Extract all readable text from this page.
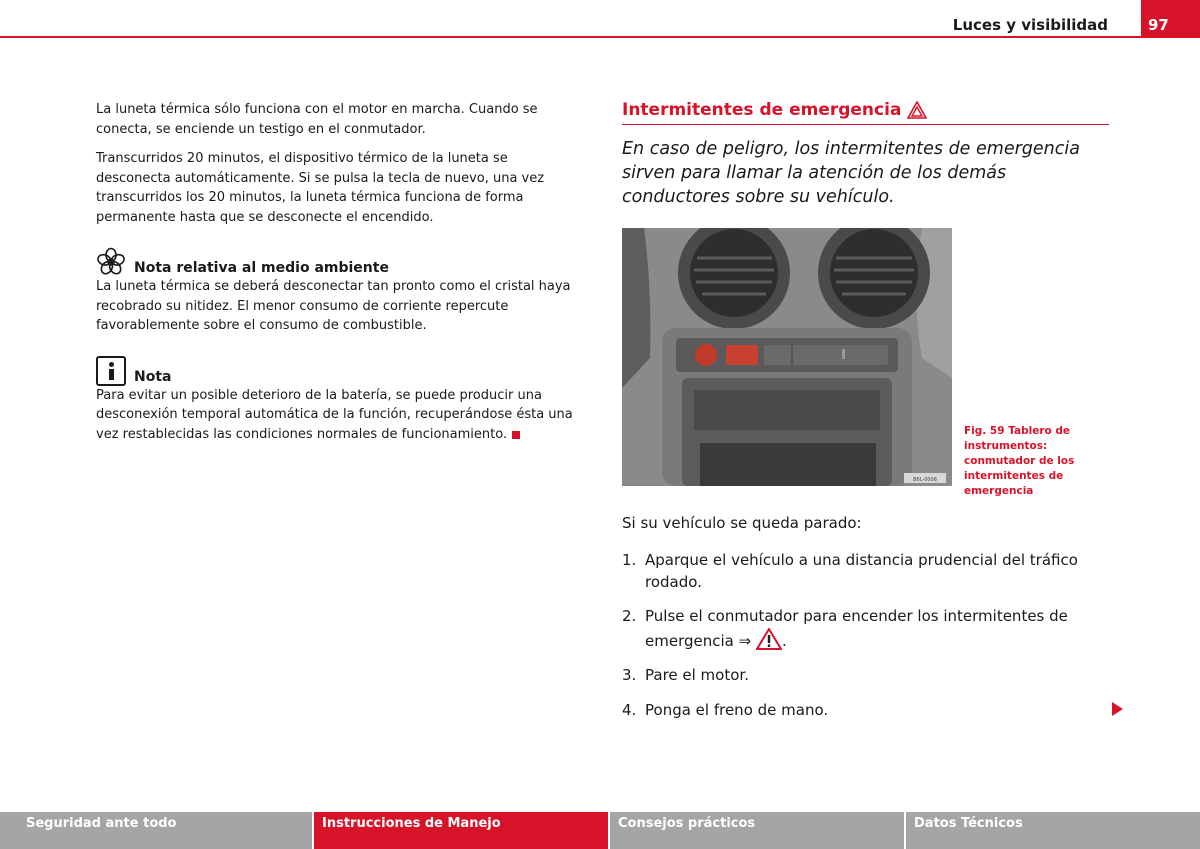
Luces y visibilidad	97

La luneta térmica sólo funciona con el motor en marcha. Cuando se conecta, se enciende un testigo en el conmutador.

Transcurridos 20 minutos, el dispositivo térmico de la luneta se desconecta automáticamente. Si se pulsa la tecla de nuevo, una vez transcurridos los 20 minutos, la luneta térmica funciona de forma permanente hasta que se desconecte el encendido.

Nota relativa al medio ambiente

La luneta térmica se deberá desconectar tan pronto como el cristal haya recobrado su nitidez. El menor consumo de corriente repercute favorablemente sobre el consumo de combustible.

Nota

Para evitar un posible deterioro de la batería, se puede producir una desconexión temporal automática de la función, recuperándose ésta una vez restablecidas las condiciones normales de funcionamiento.

Intermitentes de emergencia
En caso de peligro, los intermitentes de emergencia sirven para llamar la atención de los demás conductores sobre su vehículo.
B6L-0006
Fig. 59 Tablero de instrumentos: conmutador de los intermitentes de emergencia
Si su vehículo se queda parado:
1. Aparque el vehículo a una distancia prudencial del tráfico rodado.
2. Pulse el conmutador para encender los intermitentes de emergencia ⇒ .
3. Pare el motor.
4. Ponga el freno de mano.
Seguridad ante todo	Instrucciones de Manejo	Consejos prácticos	Datos Técnicos
